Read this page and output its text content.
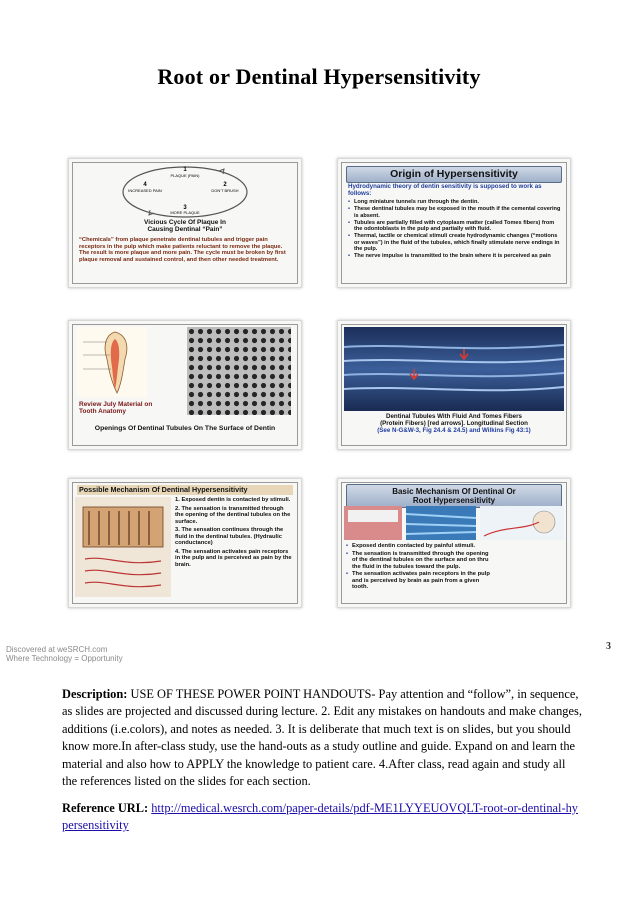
Root or Dentinal Hypersensitivity
1
PLAQUE (PAIN)
2
DON'T BRUSH
3
MORE PLAQUE
4
INCREASED PAIN
Vicious Cycle Of Plaque In
Causing Dentinal “Pain”
“Chemicals” from plaque penetrate dentinal tubules and trigger pain receptors in the pulp which make patients reluctant to remove the plaque. The result is more plaque and more pain. The cycle must be broken by first plaque removal and sustained control, and then other needed treatment.
Origin of Hypersensitivity
Hydrodynamic theory of dentin sensitivity is supposed to work as follows:
• Long miniature tunnels run through the dentin.
• These dentinal tubules may be exposed in the mouth if the cemental covering is absent.
• Tubules are partially filled with cytoplasm matter (called Tomes fibers) from the odontoblasts in the pulp and partially with fluid.
• Thermal, tactile or chemical stimuli create hydrodynamic changes (“motions or waves”) in the fluid of the tubules, which finally stimulate nerve endings in the pulp.
• The nerve impulse is transmitted to the brain where it is perceived as pain
Review July Material on Tooth Anatomy
Openings Of Dentinal Tubules On The Surface of Dentin
Dentinal Tubules With Fluid And Tomes Fibers
(Protein Fibers) [red arrows]. Longitudinal Section
(See N-G&W-3, Fig 24.4 & 24.5) and Wilkins Fig 43:1)
Possible Mechanism Of Dentinal Hypersensitivity
1. Exposed dentin is contacted by stimuli.
2. The sensation is transmitted through the opening of the dentinal tubules on the surface.
3. The sensation continues through the fluid in the dentinal tubules. (Hydraulic conductance)
4. The sensation activates pain receptors in the pulp and is perceived as pain by the brain.
Basic Mechanism Of Dentinal Or
Root Hypersensitivity
• Exposed dentin contacted by painful stimuli.
• The sensation is transmitted through the opening of the dentinal tubules on the surface and on thru the fluid in the tubules toward the pulp.
• The sensation activates pain receptors in the pulp and is perceived by brain as pain from a given tooth.
Discovered at weSRCH.com
Where Technology = Opportunity
3
Description: USE OF THESE POWER POINT HANDOUTS- Pay attention and “follow”, in sequence, as slides are projected and discussed during lecture. 2. Edit any mistakes on handouts and make changes, additions (i.e.colors), and notes as needed. 3. It is deliberate that much text is on slides, but you should know more.In after-class study, use the hand-outs as a study outline and guide. Expand on and learn the material and also how to APPLY the knowledge to patient care. 4.After class, read again and study all the references listed on the slides for each section.
Reference URL: http://medical.wesrch.com/paper-details/pdf-ME1LYYEUOVQLT-root-or-dentinal-hypersensitivity
